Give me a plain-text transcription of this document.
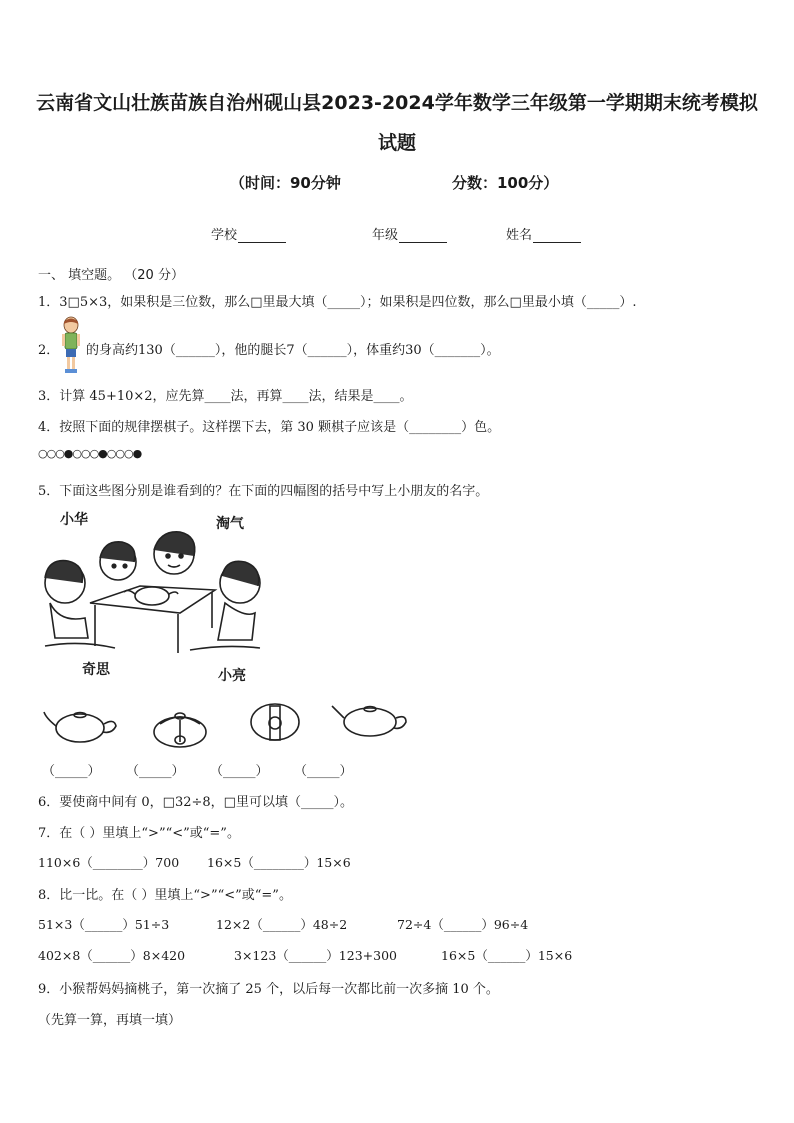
云南省文山壮族苗族自治州砚山县2023-2024学年数学三年级第一学期期末统考模拟
试题
（时间：90分钟	分数：100分）
学校	年级	姓名
一、 填空题。 （20 分）
1．3□5×3，如果积是三位数，那么□里最大填（_____）；如果积是四位数，那么□里最小填（_____）.
2． 的身高约130（______），他的腿长7（______），体重约30（_______）。
3．计算 45+10×2，应先算____法，再算____法，结果是____。
4．按照下面的规律摆棋子。这样摆下去，第 30 颗棋子应该是（________）色。
○○○●○○○●○○○●
5．下面这些图分别是谁看到的？在下面的四幅图的括号中写上小朋友的名字。
小华	淘气
奇思	小亮
（_____） （_____） （_____） （_____）
6．要使商中间有 0，□32÷8，□里可以填（_____）。
7．在（ ）里填上“>”“<”或“=”。
110×6（________）700 16×5（________）15×6
8．比一比。在（ ）里填上“>”“<”或“=”。
51×3（______）51÷3	12×2（______）48÷2	72÷4（______）96÷4
402×8（______）8×420	3×123（______）123+300	16×5（______）15×6
9．小猴帮妈妈摘桃子，第一次摘了 25 个，以后每一次都比前一次多摘 10 个。
（先算一算，再填一填）
